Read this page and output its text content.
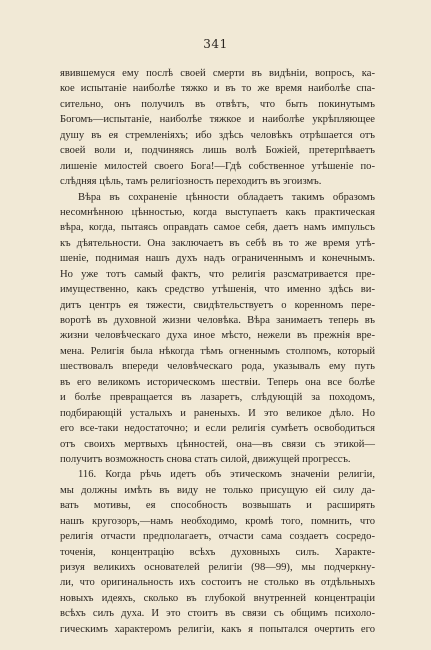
341
явившемуся ему послѣ своей смерти въ видѣніи, вопросъ, ка-
кое испытаніе наиболѣе тяжко и въ то же время наиболѣе спа-
сительно, онъ получилъ въ отвѣтъ, что быть покинутымъ
Богомъ—испытаніе, наиболѣе тяжкое и наиболѣе укрѣпляющее
душу въ ея стремленіяхъ; ибо здѣсь человѣкъ отрѣшается отъ
своей воли и, подчиняясь лишь волѣ Божіей, претерпѣваетъ
лишеніе милостей своего Бога!—Гдѣ собственное утѣшеніе по-
слѣдняя цѣль, тамъ религіозность переходитъ въ эгоизмъ.
Вѣра въ сохраненіе цѣнности обладаетъ такимъ образомъ
несомнѣнною цѣнностью, когда выступаетъ какъ практическая
вѣра, когда, пытаясь оправдать самое себя, даетъ намъ импульсъ
къ дѣятельности. Она заключаетъ въ себѣ въ то же время утѣ-
шеніе, поднимая нашъ духъ надъ ограниченнымъ и конечнымъ.
Но уже тотъ самый фактъ, что религія разсматривается пре-
имущественно, какъ средство утѣшенія, что именно здѣсь ви-
дитъ центръ ея тяжести, свидѣтельствуетъ о коренномъ пере-
воротѣ въ духовной жизни человѣка. Вѣра занимаетъ теперь въ
жизни человѣческаго духа иное мѣсто, нежели въ прежнія вре-
мена. Религія была нѣкогда тѣмъ огненнымъ столпомъ, который
шествовалъ впереди человѣческаго рода, указывалъ ему путь
въ его великомъ историческомъ шествіи. Теперь она все болѣе
и болѣе превращается въ лазаретъ, слѣдующій за походомъ,
подбирающій усталыхъ и раненыхъ. И это великое дѣло. Но
его все-таки недостаточно; и если религія сумѣетъ освободиться
отъ своихъ мертвыхъ цѣнностей, она—въ связи съ этикой—
получитъ возможность снова стать силой, движущей прогрессъ.
116. Когда рѣчь идетъ объ этическомъ значеніи религіи,
мы должны имѣть въ виду не только присущую ей силу да-
вать мотивы, ея способность возвышать и расширять
нашъ кругозоръ,—намъ необходимо, кромѣ того, помнить, что
религія отчасти предполагаетъ, отчасти сама создаетъ сосредо-
точенія, концентрацію всѣхъ духовныхъ силъ. Характе-
ризуя великихъ основателей религіи (98—99), мы подчеркну-
ли, что оригинальность ихъ состоитъ не столько въ отдѣльныхъ
новыхъ идеяхъ, сколько въ глубокой внутренней концентраціи
всѣхъ силъ духа. И это стоитъ въ связи съ общимъ психоло-
гическимъ характеромъ религіи, какъ я попытался очертить его
